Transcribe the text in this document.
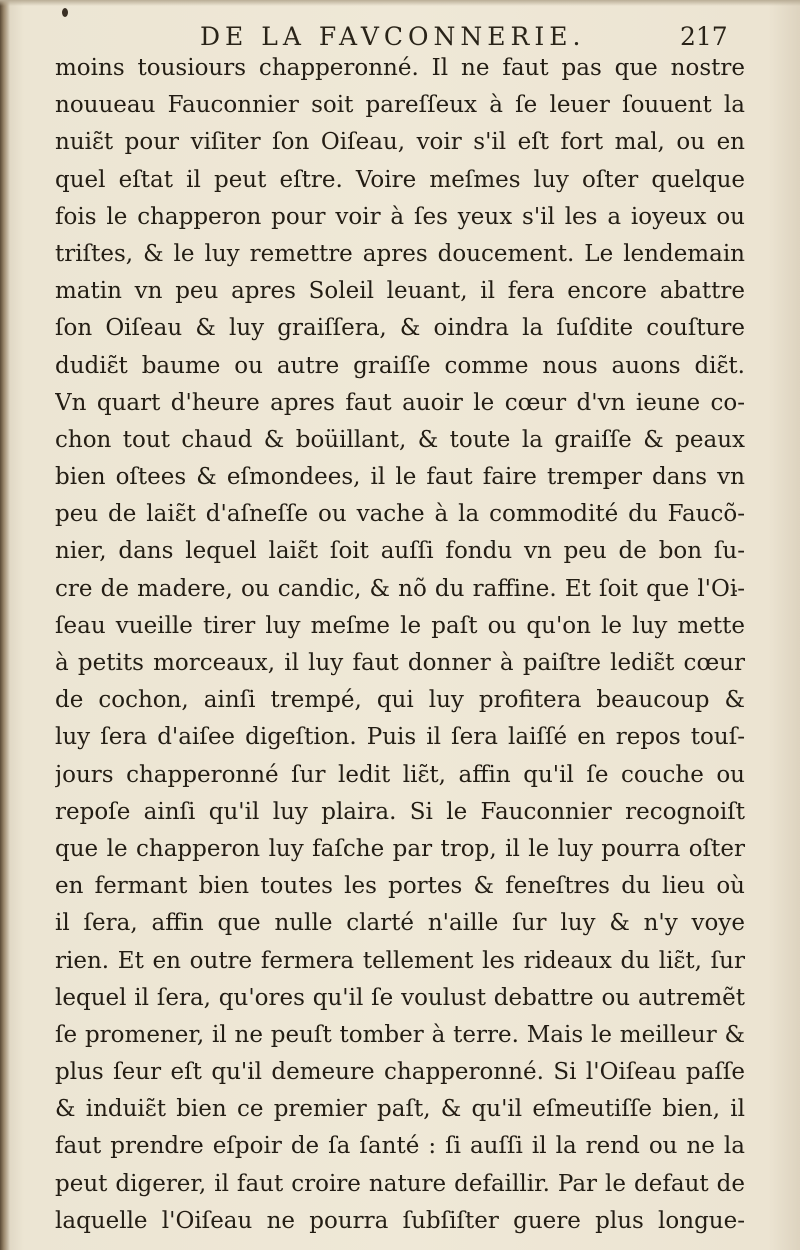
DE LA FAVCONNERIE.	217
moins tousiours chapperonné. Il ne faut pas que nostre
nouueau Fauconnier soit pareſſeux à ſe leuer ſouuent la
nuiɛ̃t pour viſiter ſon Oiſeau, voir s'il eſt fort mal, ou en
quel eſtat il peut eſtre. Voire meſmes luy oſter quelque
fois le chapperon pour voir à ſes yeux s'il les a ioyeux ou
triſtes, & le luy remettre apres doucement. Le lendemain
matin vn peu apres Soleil leuant, il fera encore abattre
ſon Oiſeau & luy graiſſera, & oindra la ſuſdite couſture
dudiɛ̃t baume ou autre graiſſe comme nous auons diɛ̃t.
Vn quart d'heure apres faut auoir le cœur d'vn ieune co-
chon tout chaud & boüillant, & toute la graiſſe & peaux
bien oſtees & eſmondees, il le faut faire tremper dans vn
peu de laiɛ̃t d'aſneſſe ou vache à la commodité du Faucõ-
nier, dans lequel laiɛ̃t ſoit auſſi fondu vn peu de bon ſu-
cre de madere, ou candic, & nõ du raffine. Et ſoit que l'Oi-
ſeau vueille tirer luy meſme le paſt ou qu'on le luy mette
à petits morceaux, il luy faut donner à paiſtre lediɛ̃t cœur
de cochon, ainſi trempé, qui luy profitera beaucoup &
luy ſera d'aiſee digeſtion. Puis il ſera laiſſé en repos touſ-
jours chapperonné ſur ledit liɛ̃t, affin qu'il ſe couche ou
repoſe ainſi qu'il luy plaira. Si le Fauconnier recognoiſt
que le chapperon luy faſche par trop, il le luy pourra oſter
en fermant bien toutes les portes & feneſtres du lieu où
il ſera, affin que nulle clarté n'aille ſur luy & n'y voye
rien. Et en outre fermera tellement les rideaux du liɛ̃t, ſur
lequel il ſera, qu'ores qu'il ſe voulust debattre ou autremẽt
ſe promener, il ne peuſt tomber à terre. Mais le meilleur &
plus ſeur eſt qu'il demeure chapperonné. Si l'Oiſeau paſſe
& induiɛ̃t bien ce premier paſt, & qu'il eſmeutiſſe bien, il
faut prendre eſpoir de ſa ſanté : ſi auſſi il la rend ou ne la
peut digerer, il faut croire nature defaillir. Par le defaut de
laquelle l'Oiſeau ne pourra ſubſiſter guere plus longue-
